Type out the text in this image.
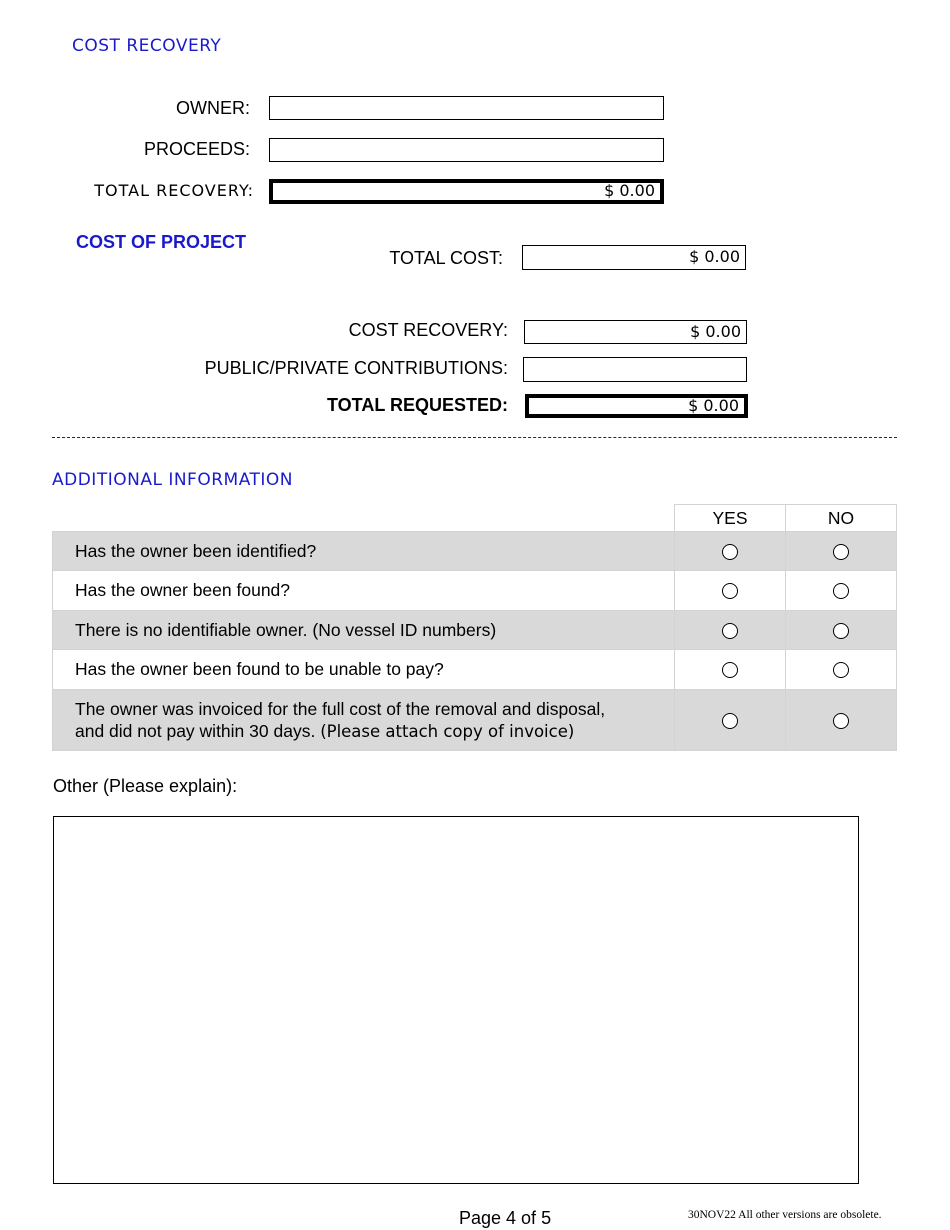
COST RECOVERY
OWNER:
PROCEEDS:
TOTAL RECOVERY:	$ 0.00
COST OF PROJECT
TOTAL COST:	$ 0.00
COST RECOVERY:	$ 0.00
PUBLIC/PRIVATE CONTRIBUTIONS:
TOTAL REQUESTED:	$ 0.00
ADDITIONAL INFORMATION
	YES	NO
Has the owner been identified?		
Has the owner been found?		
There is no identifiable owner. (No vessel ID numbers)		
Has the owner been found to be unable to pay?		
The owner was invoiced for the full cost of the removal and disposal,
and did not pay within 30 days. (Please attach copy of invoice)		
Other (Please explain):
Page 4 of 5	30NOV22 All other versions are obsolete.
